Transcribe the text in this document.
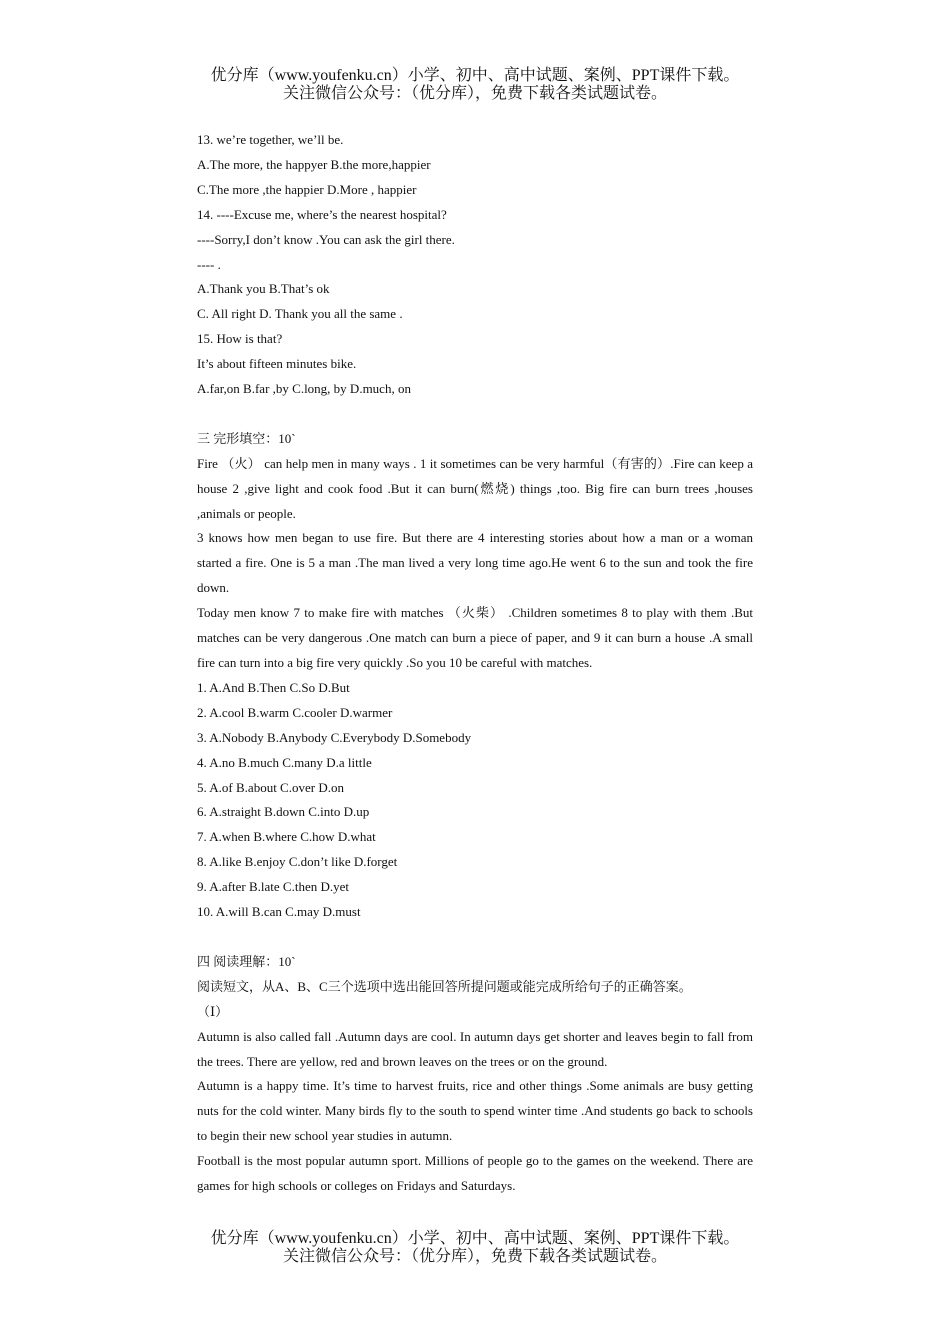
优分库（www.youfenku.cn）小学、初中、高中试题、案例、PPT课件下载。
关注微信公众号：（优分库），免费下载各类试题试卷。
13. we’re together, we’ll be.
A.The more, the happyer B.the more,happier
C.The more ,the happier D.More , happier
14. ----Excuse me, where’s the nearest hospital?
----Sorry,I don’t know .You can ask the girl there.
---- .
A.Thank you B.That’s ok
C. All right D. Thank you all the same .
15. How is that?
It’s about fifteen minutes bike.
A.far,on B.far ,by C.long, by D.much, on
三 完形填空：10`
Fire （火） can help men in many ways . 1 it sometimes can be very harmful（有害的）.Fire can keep a house 2 ,give light and cook food .But it can burn(燃烧) things ,too. Big fire can burn trees ,houses ,animals or people.
3 knows how men began to use fire. But there are 4 interesting stories about how a man or a woman started a fire. One is 5 a man .The man lived a very long time ago.He went 6 to the sun and took the fire down.
Today men know 7 to make fire with matches （火柴） .Children sometimes 8 to play with them .But matches can be very dangerous .One match can burn a piece of paper, and 9 it can burn a house .A small fire can turn into a big fire very quickly .So you 10 be careful with matches.
1. A.And B.Then C.So D.But
2. A.cool B.warm C.cooler D.warmer
3. A.Nobody B.Anybody C.Everybody D.Somebody
4. A.no B.much C.many D.a little
5. A.of B.about C.over D.on
6. A.straight B.down C.into D.up
7. A.when B.where C.how D.what
8. A.like B.enjoy C.don’t like D.forget
9. A.after B.late C.then D.yet
10. A.will B.can C.may D.must
四 阅读理解：10`
阅读短文，从A、B、C三个选项中选出能回答所提问题或能完成所给句子的正确答案。
（Ⅰ）
Autumn is also called fall .Autumn days are cool. In autumn days get shorter and leaves begin to fall from the trees. There are yellow, red and brown leaves on the trees or on the ground.
Autumn is a happy time. It’s time to harvest fruits, rice and other things .Some animals are busy getting nuts for the cold winter. Many birds fly to the south to spend winter time .And students go back to schools to begin their new school year studies in autumn.
Football is the most popular autumn sport. Millions of people go to the games on the weekend. There are games for high schools or colleges on Fridays and Saturdays.
优分库（www.youfenku.cn）小学、初中、高中试题、案例、PPT课件下载。
关注微信公众号：（优分库），免费下载各类试题试卷。
